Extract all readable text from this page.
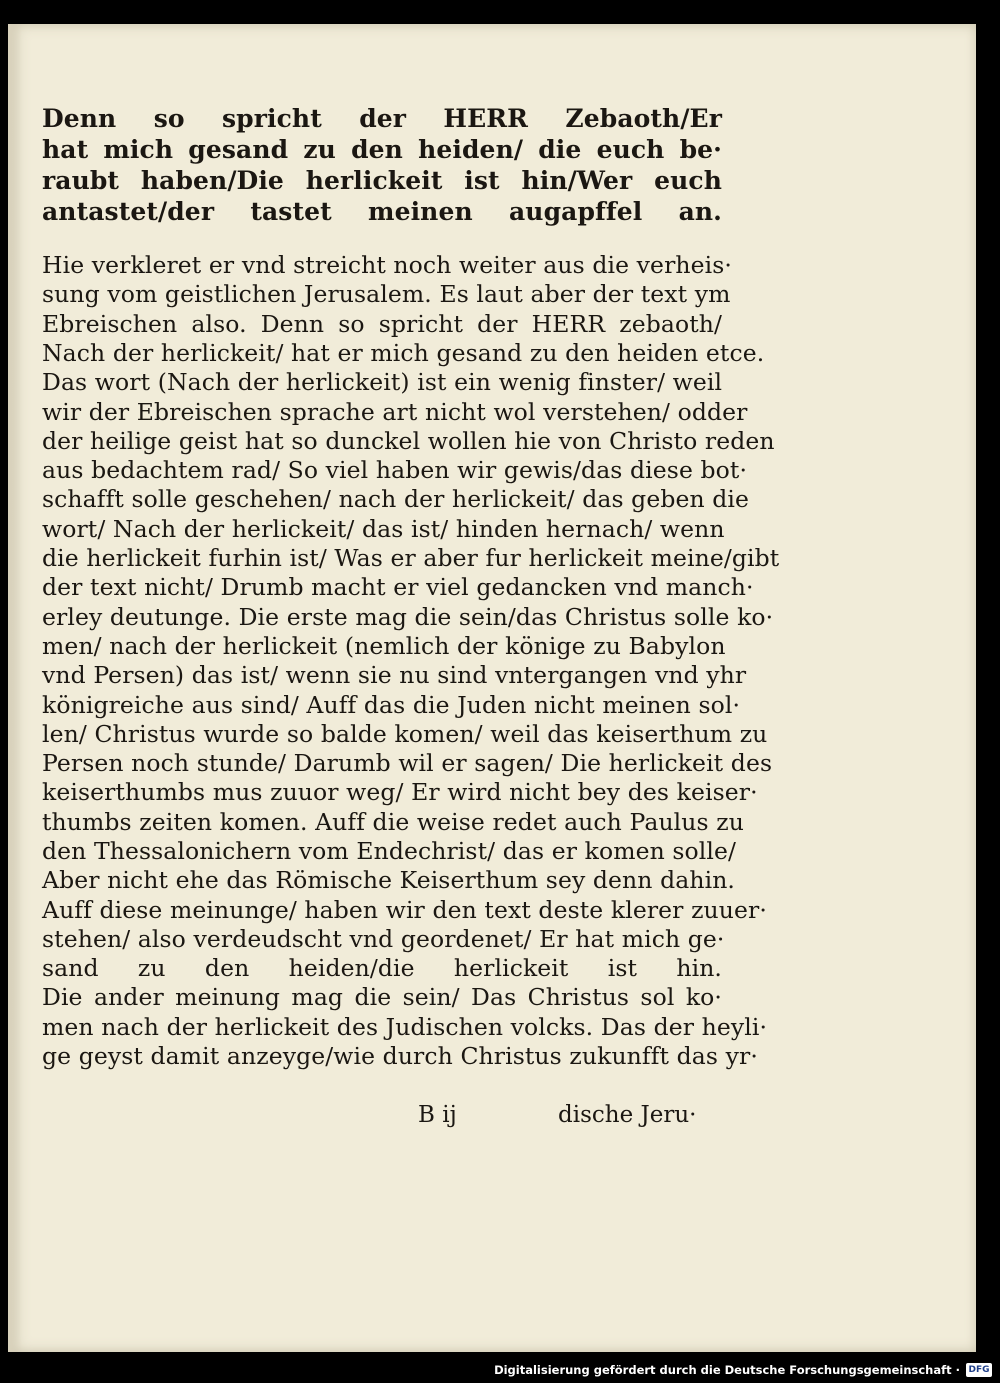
Denn so spricht der HERR Zebaoth/Er
hat mich gesand zu den heiden/ die euch be·
raubt haben/Die herlickeit ist hin/Wer euch
antastet/der tastet meinen augapffel an.
Hie verkleret er vnd streicht noch weiter aus die verheis·
sung vom geistlichen Jerusalem. Es laut aber der text ym
Ebreischen also. Denn so spricht der HERR zebaoth/
Nach der herlickeit/ hat er mich gesand zu den heiden etce.
Das wort (Nach der herlickeit) ist ein wenig finster/ weil
wir der Ebreischen sprache art nicht wol verstehen/ odder
der heilige geist hat so dunckel wollen hie von Christo reden
aus bedachtem rad/ So viel haben wir gewis/das diese bot·
schafft solle geschehen/ nach der herlickeit/ das geben die
wort/ Nach der herlickeit/ das ist/ hinden hernach/ wenn
die herlickeit furhin ist/ Was er aber fur herlickeit meine/gibt
der text nicht/ Drumb macht er viel gedancken vnd manch·
erley deutunge. Die erste mag die sein/das Christus solle ko·
men/ nach der herlickeit (nemlich der könige zu Babylon
vnd Persen) das ist/ wenn sie nu sind vntergangen vnd yhr
königreiche aus sind/ Auff das die Juden nicht meinen sol·
len/ Christus wurde so balde komen/ weil das keiserthum zu
Persen noch stunde/ Darumb wil er sagen/ Die herlickeit des
keiserthumbs mus zuuor weg/ Er wird nicht bey des keiser·
thumbs zeiten komen. Auff die weise redet auch Paulus zu
den Thessalonichern vom Endechrist/ das er komen solle/
Aber nicht ehe das Römische Keiserthum sey denn dahin.
Auff diese meinunge/ haben wir den text deste klerer zuuer·
stehen/ also verdeudscht vnd geordenet/ Er hat mich ge·
sand zu den heiden/die herlickeit ist hin.
Die ander meinung mag die sein/ Das Christus sol ko·
men nach der herlickeit des Judischen volcks. Das der heyli·
ge geyst damit anzeyge/wie durch Christus zukunfft das yr·
B ij	dische Jeru·
Digitalisierung gefördert durch die Deutsche Forschungsgemeinschaft · DFG
